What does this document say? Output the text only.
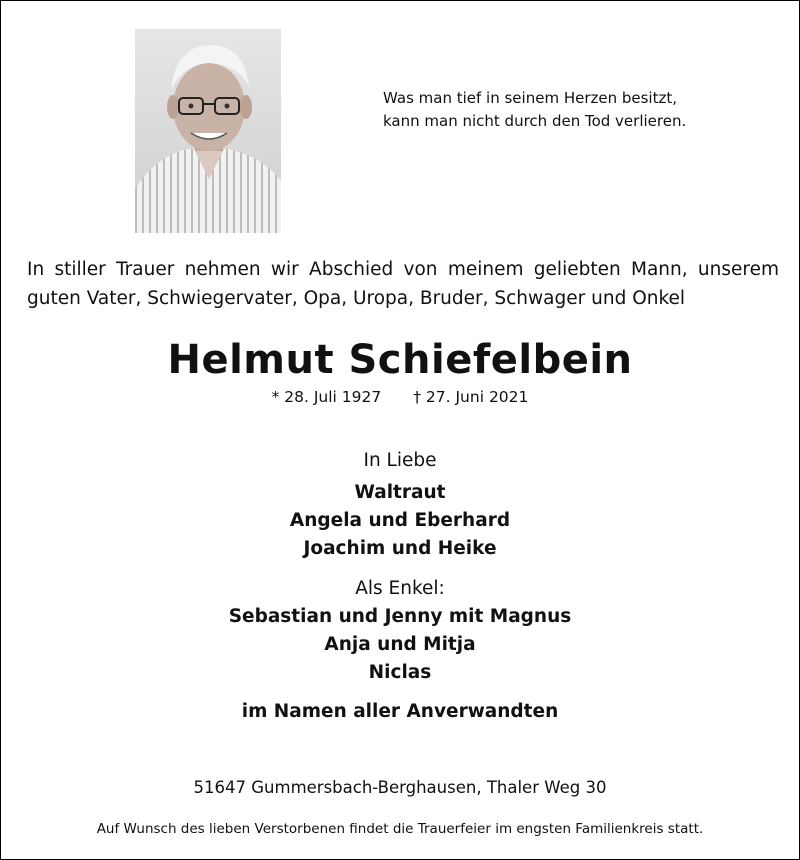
Was man tief in seinem Herzen besitzt,
kann man nicht durch den Tod verlieren.
In stiller Trauer nehmen wir Abschied von meinem geliebten Mann, unserem
guten Vater, Schwiegervater, Opa, Uropa, Bruder, Schwager und Onkel
Helmut Schiefelbein
* 28. Juli 1927 † 27. Juni 2021
In Liebe
Waltraut
Angela und Eberhard
Joachim und Heike
Als Enkel:
Sebastian und Jenny mit Magnus
Anja und Mitja
Niclas
im Namen aller Anverwandten
51647 Gummersbach-Berghausen, Thaler Weg 30
Auf Wunsch des lieben Verstorbenen findet die Trauerfeier im engsten Familienkreis statt.
